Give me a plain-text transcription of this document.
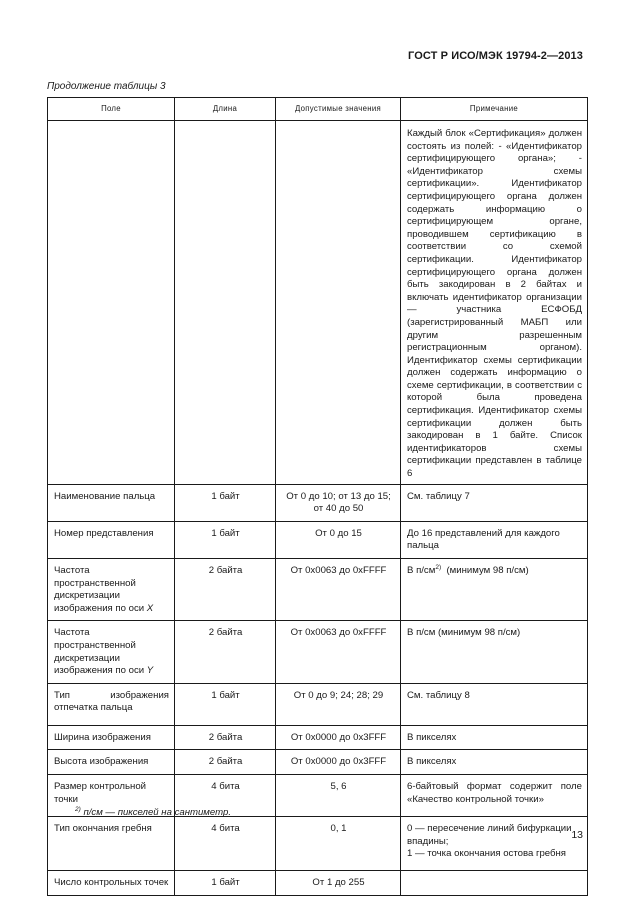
ГОСТ Р ИСО/МЭК 19794-2—2013
Продолжение таблицы 3
Поле	Длина	Допустимые значения	Примечание
			Каждый блок «Сертификация» должен состоять из полей: - «Идентификатор сертифицирующего органа»; - «Идентификатор схемы сертификации». Идентификатор сертифицирующего органа должен содержать информацию о сертифицирующем органе, проводившем сертификацию в соответствии со схемой сертификации. Идентификатор сертифицирующего органа должен быть закодирован в 2 байтах и включать идентификатор организации — участника ЕСФОБД (зарегистрированный МАБП или другим разрешенным регистрационным органом). Идентификатор схемы сертификации должен содержать информацию о схеме сертификации, в соответствии с которой была проведена сертификация. Идентификатор схемы сертификации должен быть закодирован в 1 байте. Список идентификаторов схемы сертификации представлен в таблице 6
Наименование пальца	1 байт	От 0 до 10; от 13 до 15; от 40 до 50	См. таблицу 7
Номер представления	1 байт	От 0 до 15	До 16 представлений для каждого пальца
Частота пространственной дискретизации изображения по оси X	2 байта	От 0x0063 до 0xFFFF	В $п/см^{2)}$  (минимум 98 п/см)
Частота пространственной дискретизации изображения по оси Y	2 байта	От 0x0063 до 0xFFFF	В п/см (минимум 98 п/см)
Тип изображения отпечатка пальца	1 байт	От 0 до 9; 24; 28; 29	См. таблицу 8
Ширина изображения	2 байта	От 0x0000 до 0x3FFF	В пикселях
Высота изображения	2 байта	От 0x0000 до 0x3FFF	В пикселях
Размер контрольной точки	4 бита	5, 6	6-байтовый формат содержит поле «Качество контрольной точки»
Тип окончания гребня	4 бита	0, 1	0 — пересечение линий бифуркации впадины;
1 — точка окончания остова гребня

Число контрольных точек	1 байт	От 1 до 255	
$^{2)}$ п/см — пикселей на сантиметр.
13
